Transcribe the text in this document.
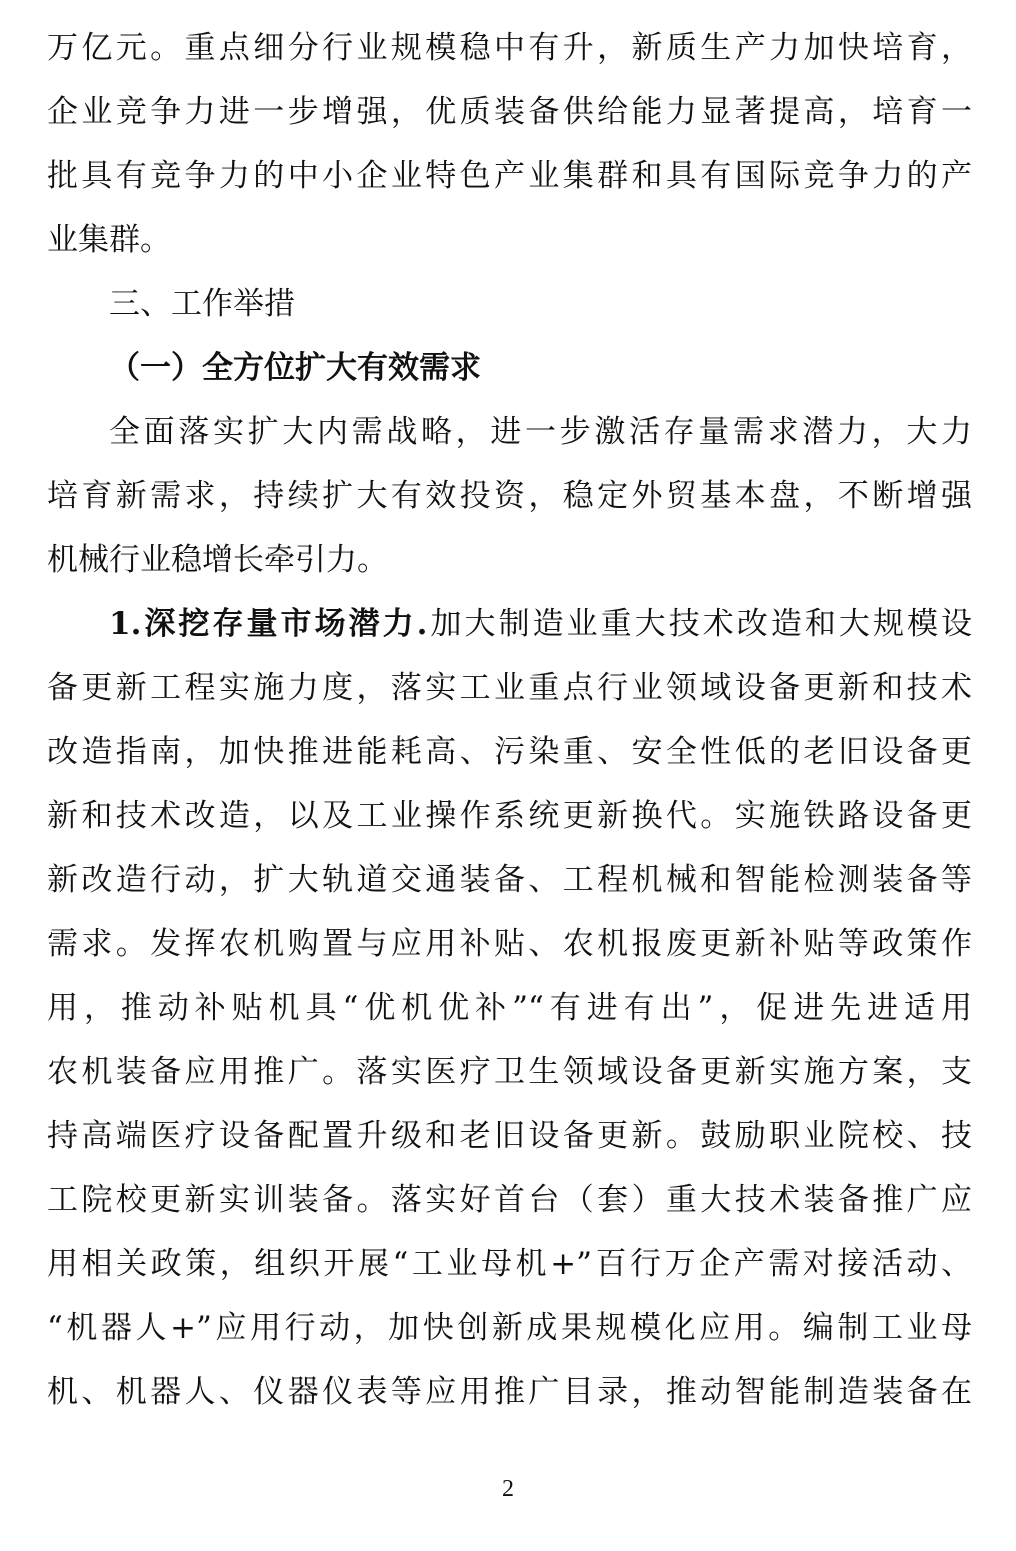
万亿元。重点细分行业规模稳中有升，新质生产力加快培育，
企业竞争力进一步增强，优质装备供给能力显著提高，培育一
批具有竞争力的中小企业特色产业集群和具有国际竞争力的产
业集群。
三、工作举措
（一）全方位扩大有效需求
全面落实扩大内需战略，进一步激活存量需求潜力，大力
培育新需求，持续扩大有效投资，稳定外贸基本盘，不断增强
机械行业稳增长牵引力。
1.深挖存量市场潜力.加大制造业重大技术改造和大规模设
备更新工程实施力度，落实工业重点行业领域设备更新和技术
改造指南，加快推进能耗高、污染重、安全性低的老旧设备更
新和技术改造，以及工业操作系统更新换代。实施铁路设备更
新改造行动，扩大轨道交通装备、工程机械和智能检测装备等
需求。发挥农机购置与应用补贴、农机报废更新补贴等政策作
用，推动补贴机具“优机优补”“有进有出”，促进先进适用
农机装备应用推广。落实医疗卫生领域设备更新实施方案，支
持高端医疗设备配置升级和老旧设备更新。鼓励职业院校、技
工院校更新实训装备。落实好首台（套）重大技术装备推广应
用相关政策，组织开展“工业母机+”百行万企产需对接活动、
“机器人+”应用行动，加快创新成果规模化应用。编制工业母
机、机器人、仪器仪表等应用推广目录，推动智能制造装备在
2
